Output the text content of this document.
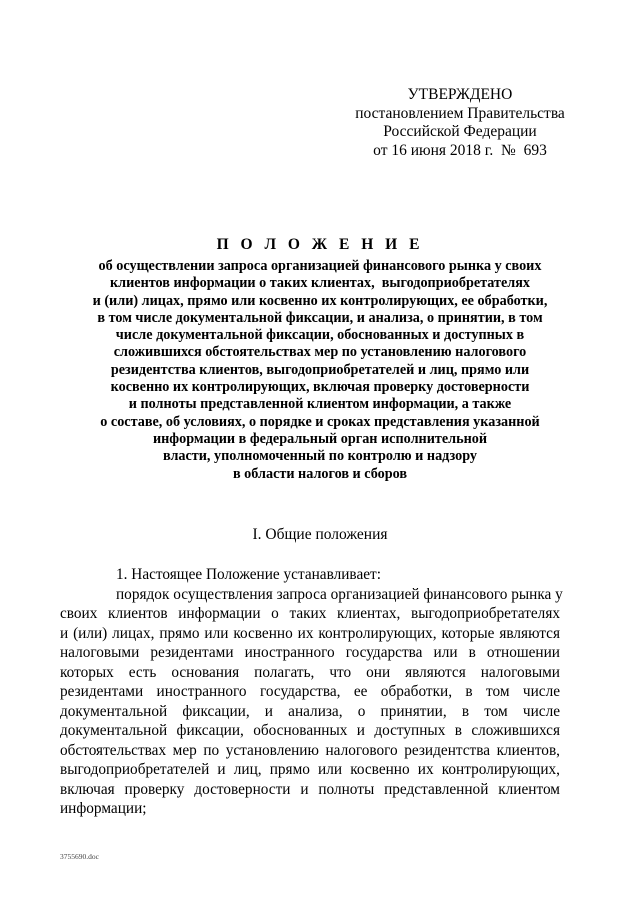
УТВЕРЖДЕНО
постановлением Правительства
Российской Федерации
от 16 июня 2018 г.  №  693
П О Л О Ж Е Н И Е
об осуществлении запроса организацией финансового рынка у своих
клиентов информации о таких клиентах,  выгодоприобретателях
и (или) лицах, прямо или косвенно их контролирующих, ее обработки,
в том числе документальной фиксации, и анализа, о принятии, в том
числе документальной фиксации, обоснованных и доступных в
сложившихся обстоятельствах мер по установлению налогового
резидентства клиентов, выгодоприобретателей и лиц, прямо или
косвенно их контролирующих, включая проверку достоверности
и полноты представленной клиентом информации, а также
о составе, об условиях, о порядке и сроках представления указанной
информации в федеральный орган исполнительной
власти, уполномоченный по контролю и надзору
в области налогов и сборов
I. Общие положения
1. Настоящее Положение устанавливает:
порядок осуществления запроса организацией финансового рынка у
своих клиентов информации о таких клиентах, выгодоприобретателях
и (или) лицах, прямо или косвенно их контролирующих, которые являются
налоговыми резидентами иностранного государства или в отношении
которых есть основания полагать, что они являются налоговыми
резидентами иностранного государства, ее обработки, в том числе
документальной фиксации, и анализа, о принятии, в том числе
документальной фиксации, обоснованных и доступных в сложившихся
обстоятельствах мер по установлению налогового резидентства клиентов,
выгодоприобретателей и лиц, прямо или косвенно их контролирующих,
включая проверку достоверности и полноты представленной клиентом
информации;
3755690.doc
